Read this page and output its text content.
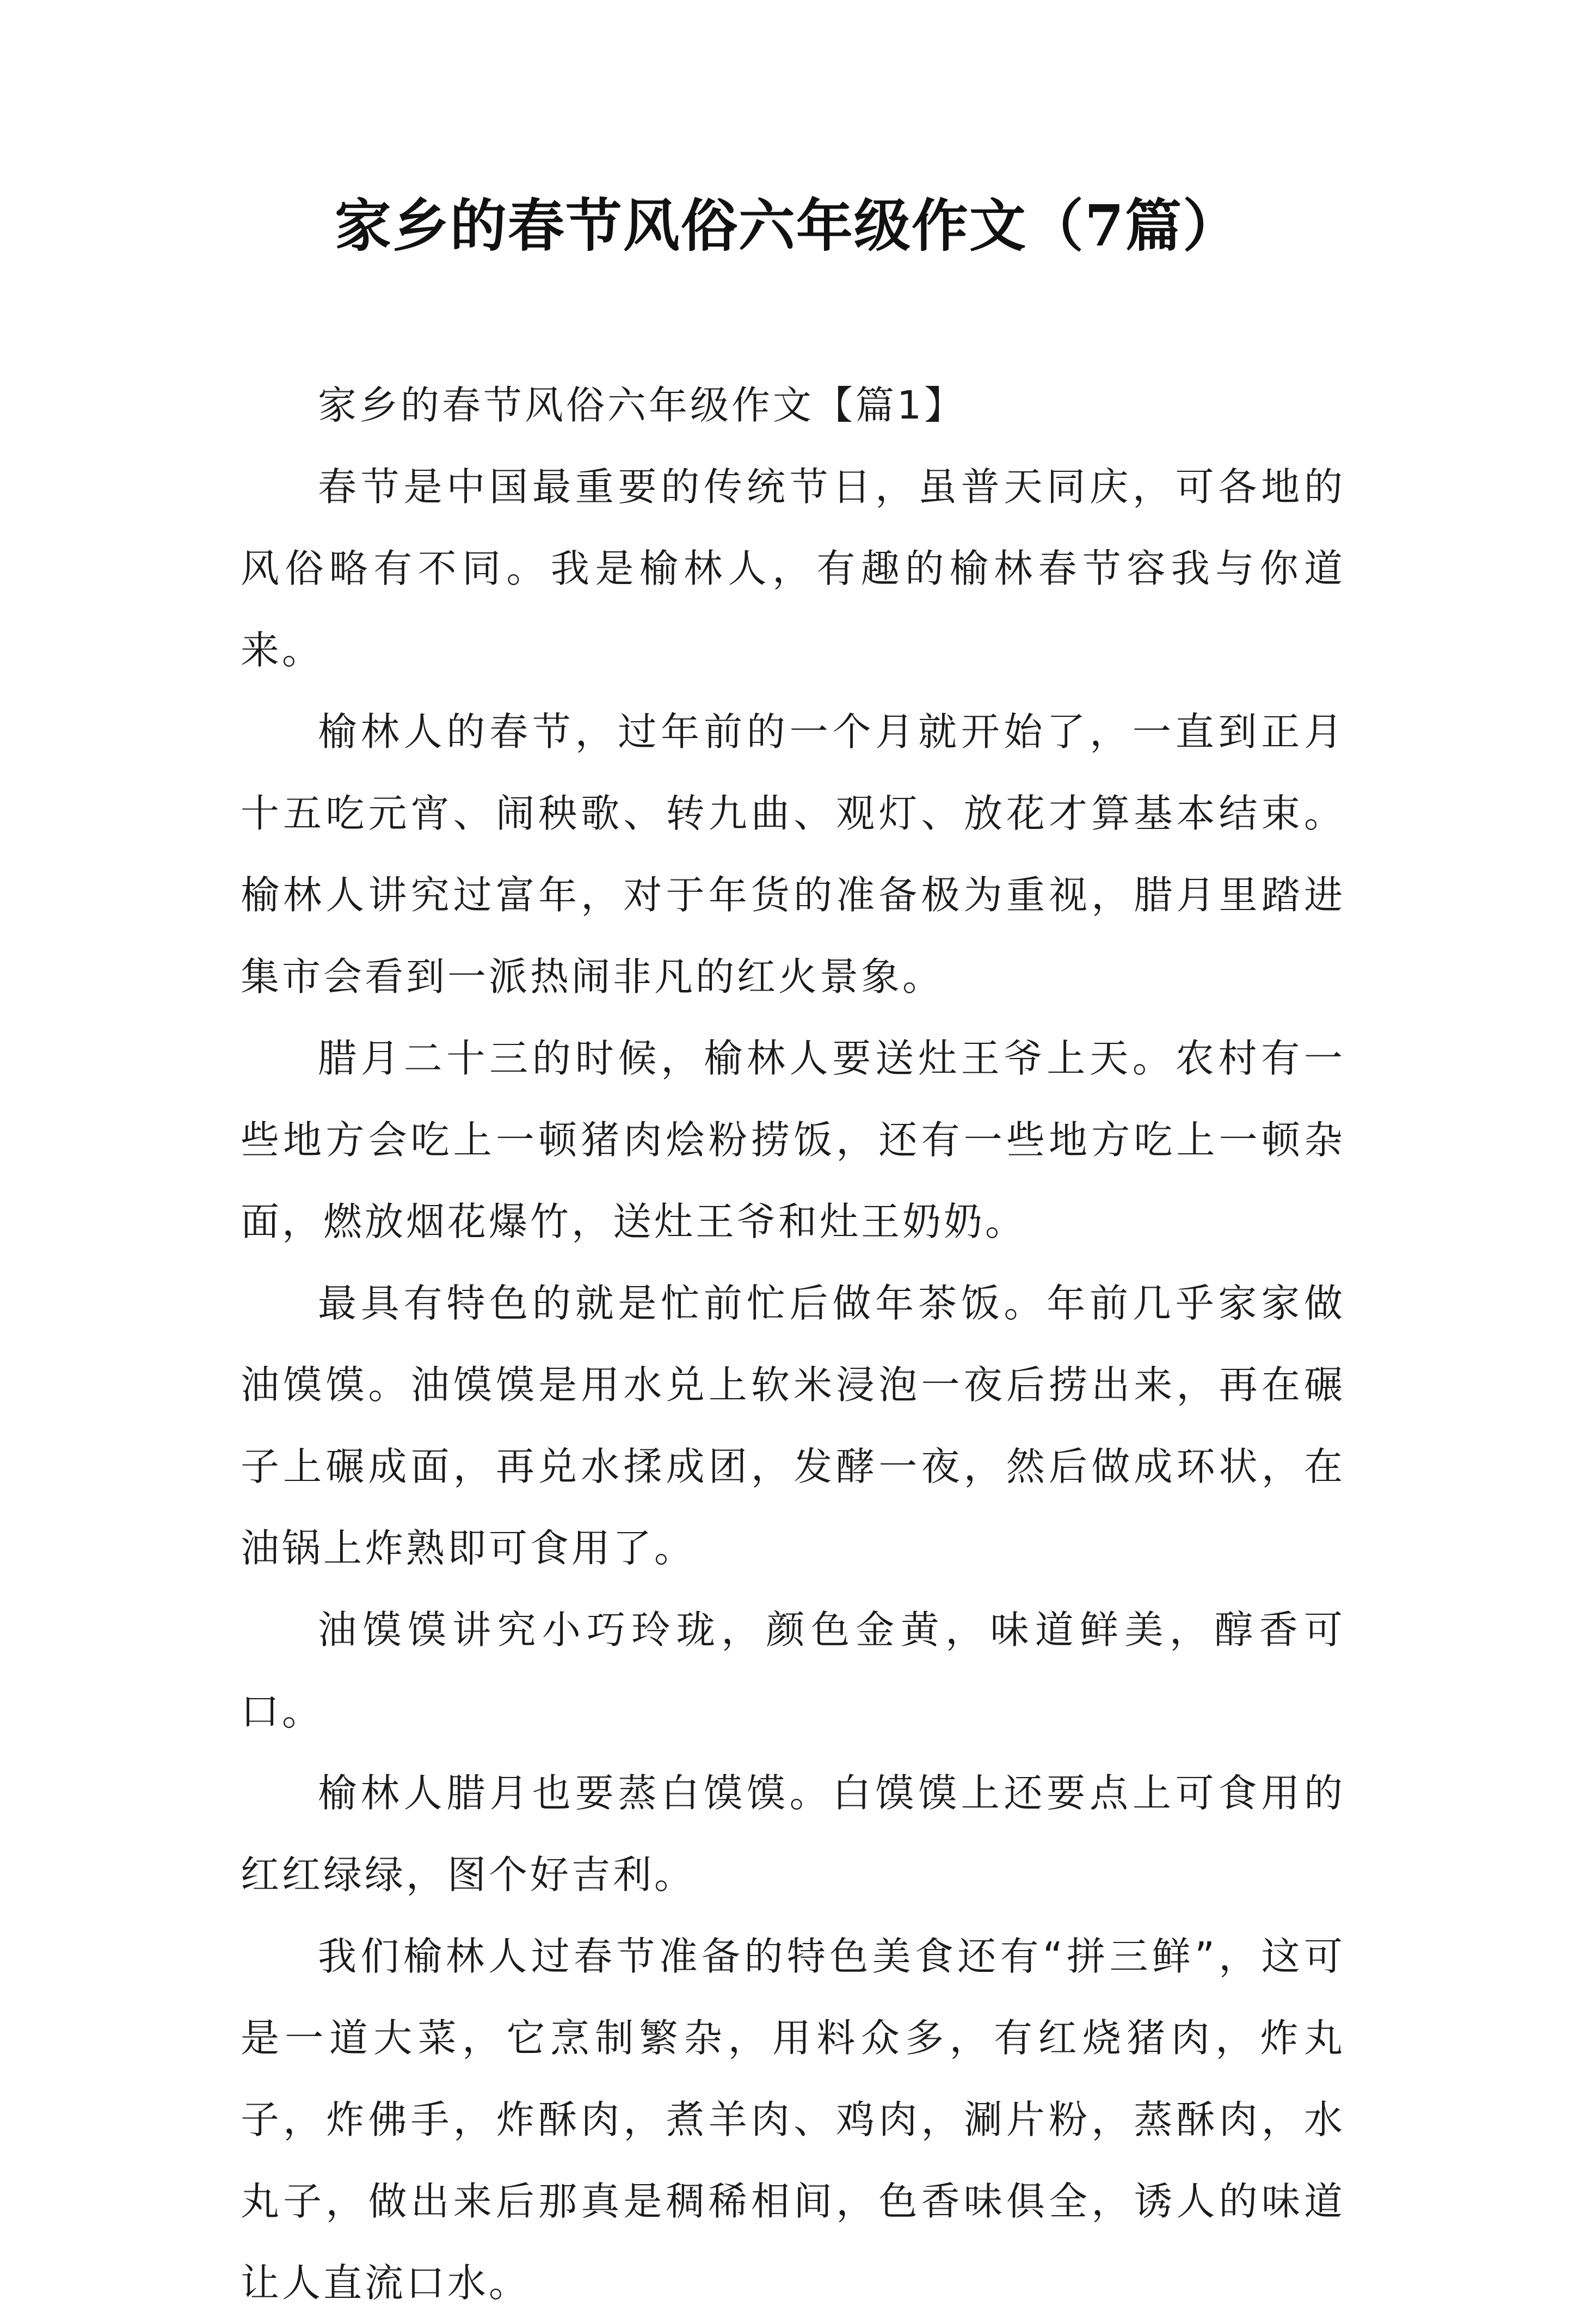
家乡的春节风俗六年级作文（7篇）

家乡的春节风俗六年级作文【篇1】

春节是中国最重要的传统节日，虽普天同庆，可各地的风俗略有不同。我是榆林人，有趣的榆林春节容我与你道来。

榆林人的春节，过年前的一个月就开始了，一直到正月十五吃元宵、闹秧歌、转九曲、观灯、放花才算基本结束。榆林人讲究过富年，对于年货的准备极为重视，腊月里踏进集市会看到一派热闹非凡的红火景象。

腊月二十三的时候，榆林人要送灶王爷上天。农村有一些地方会吃上一顿猪肉烩粉捞饭，还有一些地方吃上一顿杂面，燃放烟花爆竹，送灶王爷和灶王奶奶。

最具有特色的就是忙前忙后做年茶饭。年前几乎家家做油馍馍。油馍馍是用水兑上软米浸泡一夜后捞出来，再在碾子上碾成面，再兑水揉成团，发酵一夜，然后做成环状，在油锅上炸熟即可食用了。

油馍馍讲究小巧玲珑，颜色金黄，味道鲜美，醇香可口。

榆林人腊月也要蒸白馍馍。白馍馍上还要点上可食用的红红绿绿，图个好吉利。

我们榆林人过春节准备的特色美食还有“拼三鲜”，这可是一道大菜，它烹制繁杂，用料众多，有红烧猪肉，炸丸子，炸佛手，炸酥肉，煮羊肉、鸡肉，涮片粉，蒸酥肉，水丸子，做出来后那真是稠稀相间，色香味俱全，诱人的味道让人直流口水。
